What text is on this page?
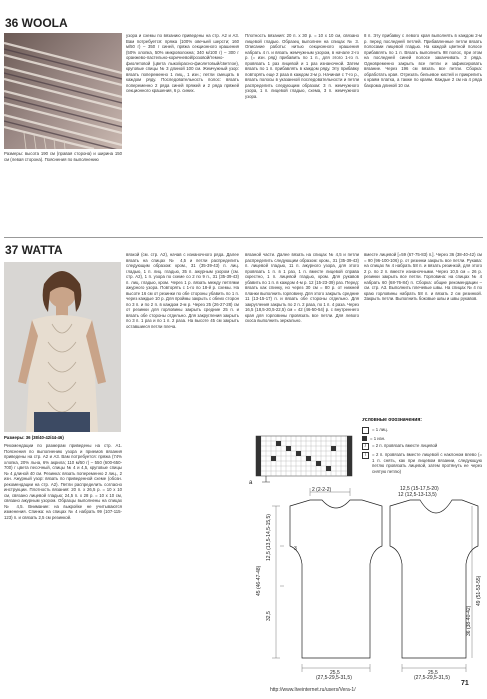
36 WOOLA
Размеры: высота 190 см (правая сторона) и ширина 150 см (левая сторона). Пояснения по выполнению
узора и схемы по вязанию приведены на стр. А2 и А3. Вам потребуется: пряжа (100% овечьей шерсти; 160 м/50 г) – 350 г синей, пряжа секционного крашения (50% хлопка, 50% микроволокна; 340 м/100 г) – 300 г оранжево-пастельно-коричневой/розовой/темно-фиолетовой (цвета лыко/красно-фиолетовый/светлое), круговые спицы № 3 длиной 100 см. Жемчужный узор: вязать попеременно 1 лиц., 1 изн.; петли смещать в каждом ряду. Последовательность полос: вязать попеременно 2 ряда синей пряжей и 2 ряда пряжей секционного крашения, 6 р. синих.
Плотность вязания: 20 п. х 30 р. = 10 х 10 см, связано лицевой гладью. Образец выполнен на спицах № 3. Описание работы: нитью секционного крашения набрать 4 п. и вязать жемчужным узором, в начале 2-го р. (= изн. ряд) прибавить по 1 п., для этого 1-го п. провязать 1 раз лицевой и 1 раз изнаночной. Затем вязать по 1 п. прибавлять в каждом ряду. Эту прибавку повторять еще 2 раза в каждом 2-м р. Начиная с 7-го р., вязать полосы в указанной последовательности и петли распределить следующим образом: 3 п. жемчужного узора, 1 п. лицевой гладью, схема, 3 п. жемчужного узора.
8 п. Эту прибавку с левого края выполнять в каждом 2-м р. перед последней петлей. Прибавленные петли вязать полосами лицевой гладью. На каждой цветной полосе прибавлять по 1 п. Вязать выполнить 98 полос, при этом на последней синей полосе заканчивать 3 ряда. Одновременно закрыть все петли и зафиксировать вязание. Через 196 см вязать все петли. Сборка: обработать края. Отрезать бельевое кистей и прикрепить к краям платка, а также по краям. Каждые 2 см на 4 ряда бахрома длиной 10 см.
37 WATTA
Размеры: 36 (38/40-42/44-46)
Рекомендации по размерам приведены на стр. А1. Пояснения по выполнению узора и приемов вязания приведены на стр. А2 и А3. Вам потребуется: пряжа (74% хлопка, 20% льна, 6% акрила; 110 м/50 г) – 550 (600-650-700) г цвета песочный, спицы № 4 и 4,5, круговые спицы № 4 длиной 40 см. Резинка: вязать попеременно 2 лиц., 2 изн. Ажурный узор: вязать по приведенной схеме (обозн. рекомендации на стр. А2). Петли распределить согласно инструкции. Плотность вязания: 20 п. х 26,5 р. = 10 х 10 см, связано лицевой гладью; 24,5 п. х 28 р. = 10 х 10 см, связано ажурным узором. Образцы выполнены на спицах № 4,5. Внимание: на выкройке не учитываются изменения. Спинка: на спицах № 4 набрать 99 (107-115-123) п. и связать 2,5 см резинкой.
вязкой (см. стр. А2), начав с изнаночного ряда. Далее вязать на спицах № 4,5 и петли распределить следующим образом: кром., 31 (35-39-43) п. лиц. гладью, 1 п. лиц. гладью, 35 п. ажурным узором (см. стр. А2), 1 п. узора по схеме со 2 по 9 п., 31 (35-39-43) п. лиц. гладью, кром. Через 1 р. вязать между петлями ажурного узора. Повторять с 1-го по 18-й р. схемы. На высоте 16 см от резинки по обе стороны убавить по 1 п. через каждые 10 р. Для проймы закрыть с обеих сторон по 3 п. и по 2 п. в каждом 2-м р. Через 25 (26-27-28) см от резинки для горловины закрыть средние 25 п. и вязать обе стороны отдельно. Для закругления закрыть по 3 п. 1 раз и по 1 п. 2 раза. На высоте 45 см закрыть оставшиеся петли плеча.
вязаной части. Далее вязать на спицах № 4,5 и петли распределить следующим образом: кром., 31 (35-39-43) п. лицевой гладью, 11 п. ажурного узора, для этого провязать 1 п. в 1 раз, 1 п. вместе лицевой справа скрестно, 1 п. лицевой гладью, кром. Для рукавов убавить по 1 п. в каждом 4-м р. 12 (15-23-39) раз. Перед: вязать как спинку, но через 30 см = 80 р. от нижней планки выполнить горловину. Для этого закрыть средние 11 (13-15-17) п. и вязать обе стороны отдельно. Для закругления закрыть по 2 п. 2 раза, по 1 п. 4 раза. Через 16,5 (18,5-20,5-22,5) см = 42 (46-50-54) р. с внутреннего края для горловины провязать все петли. Для левого скоса выполнить зеркально.
вместе лицевой [=59 (67-75-83) п.]. Через 36 (38-40-42) см = 90 (96-100-106) р. от резинки закрыть все петли. Рукава: на спицах № 4 набрать 58 п. и вязать резинкой, для этого 2 р. по 2 п. вместе изнаночными. Через 10,5 см = 26 р. резинки закрыть все петли. Горловина: на спицах № 4 набрать 60 (68-76-84) п. Сборка: общие рекомендации – см. стр. А3. Выполнить плечевые швы. На спицах № 4 по краю горловины набрать 58 п. и вязать 2 см резинкой. Закрыть петли. Выполнить боковые швы и швы рукавов.
a
Условные обозначения:
= 1 лиц.
= 1 изн.
/	= 2 п. провязать вместе лицевой
\	= 2 п. провязать вместе лицевой с наклоном влево (= 1 п. снять, как при лицевом вязании, следующую петлю провязать лицевой, затем протянуть ее через снятую петлю)
45 (46-47-48)
32,5
12,5 (13,5-14,5-15,5)
49 (51-53-55)
36 (38-40-42)
12 (12,5-13-13,5)
12,5 (15-17,5-20)
2 (2-2-2)
25,5
(27,5-29,5-31,5)
25,5
(27,5-29,5-31,5)
3
http://www.liveinternet.ru/users/Vera-1/
71
